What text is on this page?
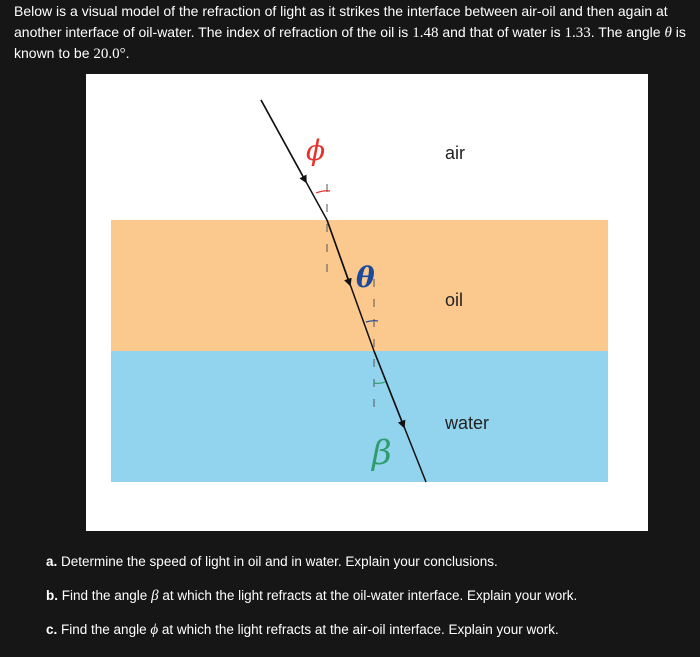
Below is a visual model of the refraction of light as it strikes the interface between air-oil and then again at
another interface of oil-water. The index of refraction of the oil is 1.48 and that of water is 1.33. The angle θ is
known to be 20.0°.

ϕ
θ
β
air
oil
water
a. Determine the speed of light in oil and in water. Explain your conclusions.
b. Find the angle β at which the light refracts at the oil-water interface. Explain your work.
c. Find the angle ϕ at which the light refracts at the air-oil interface. Explain your work.
